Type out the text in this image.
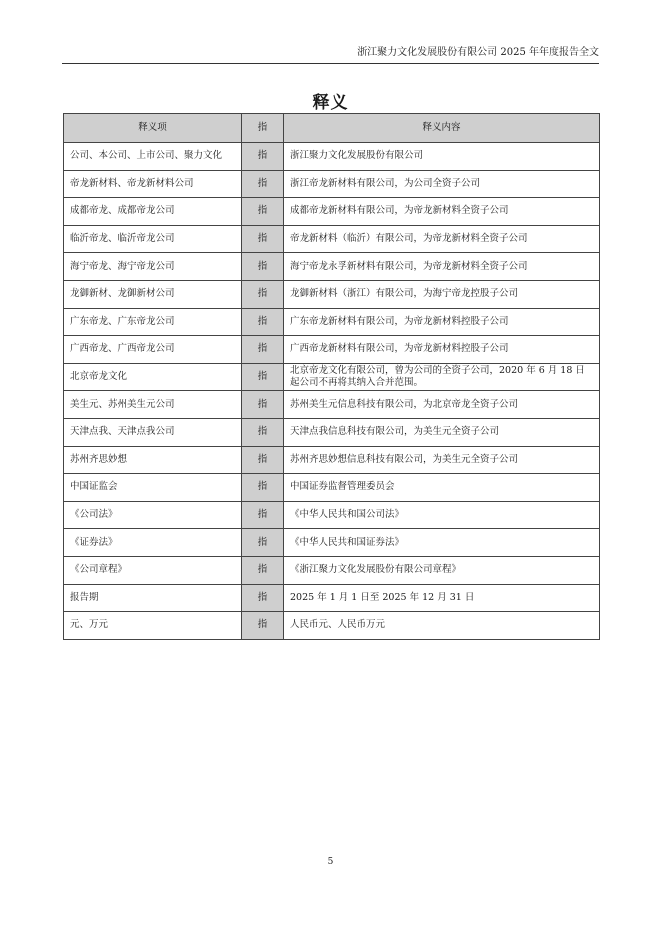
浙江聚力文化发展股份有限公司 2025 年年度报告全文
释义
释义项	指	释义内容
公司、本公司、上市公司、聚力文化	指	浙江聚力文化发展股份有限公司
帝龙新材料、帝龙新材料公司	指	浙江帝龙新材料有限公司，为公司全资子公司
成都帝龙、成都帝龙公司	指	成都帝龙新材料有限公司，为帝龙新材料全资子公司
临沂帝龙、临沂帝龙公司	指	帝龙新材料（临沂）有限公司，为帝龙新材料全资子公司
海宁帝龙、海宁帝龙公司	指	海宁帝龙永孚新材料有限公司，为帝龙新材料全资子公司
龙御新材、龙御新材公司	指	龙御新材料（浙江）有限公司，为海宁帝龙控股子公司
广东帝龙、广东帝龙公司	指	广东帝龙新材料有限公司，为帝龙新材料控股子公司
广西帝龙、广西帝龙公司	指	广西帝龙新材料有限公司，为帝龙新材料控股子公司
北京帝龙文化	指	北京帝龙文化有限公司，曾为公司的全资子公司，2020 年 6 月 18 日起公司不再将其纳入合并范围。
美生元、苏州美生元公司	指	苏州美生元信息科技有限公司，为北京帝龙全资子公司
天津点我、天津点我公司	指	天津点我信息科技有限公司，为美生元全资子公司
苏州齐思妙想	指	苏州齐思妙想信息科技有限公司，为美生元全资子公司
中国证监会	指	中国证券监督管理委员会
《公司法》	指	《中华人民共和国公司法》
《证券法》	指	《中华人民共和国证券法》
《公司章程》	指	《浙江聚力文化发展股份有限公司章程》
报告期	指	2025 年 1 月 1 日至 2025 年 12 月 31 日
元、万元	指	人民币元、人民币万元
5
